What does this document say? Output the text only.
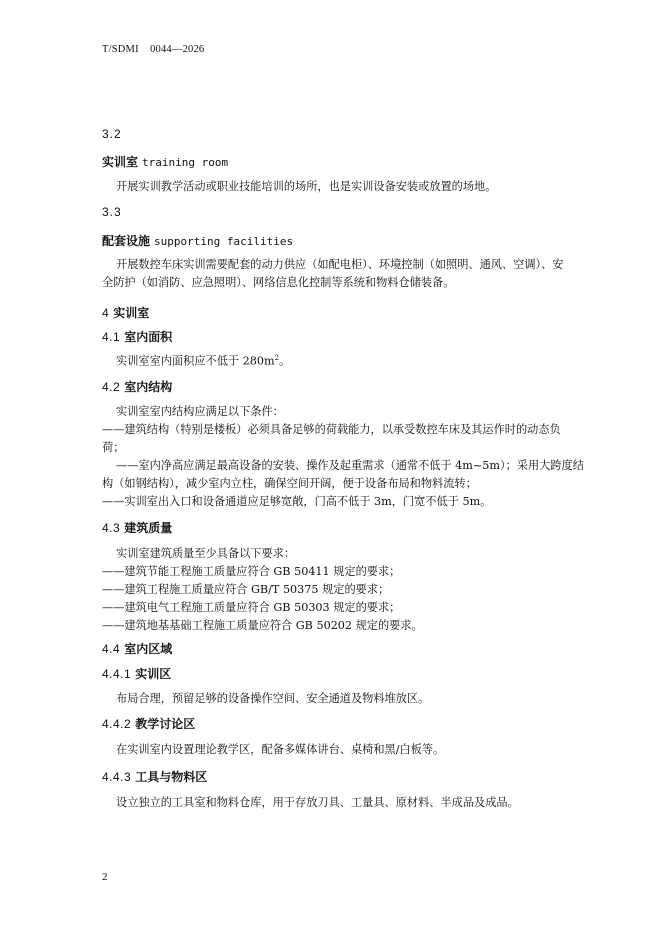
T/SDMI    0044—2026
3.2
实训室 training room
开展实训教学活动或职业技能培训的场所，也是实训设备安装或放置的场地。
3.3
配套设施 supporting facilities
开展数控车床实训需要配套的动力供应（如配电柜）、环境控制（如照明、通风、空调）、安
全防护（如消防、应急照明）、网络信息化控制等系统和物料仓储装备。
4 实训室
4.1 室内面积
实训室室内面积应不低于 $280m^2$。
4.2 室内结构
实训室室内结构应满足以下条件：
——建筑结构（特别是楼板）必须具备足够的荷载能力，以承受数控车床及其运作时的动态负
荷；
——室内净高应满足最高设备的安装、操作及起重需求（通常不低于 4m~5m）；采用大跨度结
构（如钢结构），减少室内立柱，确保空间开阔，便于设备布局和物料流转；
——实训室出入口和设备通道应足够宽敞，门高不低于 3m，门宽不低于 5m。
4.3 建筑质量
实训室建筑质量至少具备以下要求：
——建筑节能工程施工质量应符合 GB 50411 规定的要求；
——建筑工程施工质量应符合 GB/T 50375 规定的要求；
——建筑电气工程施工质量应符合 GB 50303 规定的要求；
——建筑地基基础工程施工质量应符合 GB 50202 规定的要求。
4.4 室内区域
4.4.1 实训区
布局合理，预留足够的设备操作空间、安全通道及物料堆放区。
4.4.2 教学讨论区
在实训室内设置理论教学区，配备多媒体讲台、桌椅和黑/白板等。
4.4.3 工具与物料区
设立独立的工具室和物料仓库，用于存放刀具、工量具、原材料、半成品及成品。
2
